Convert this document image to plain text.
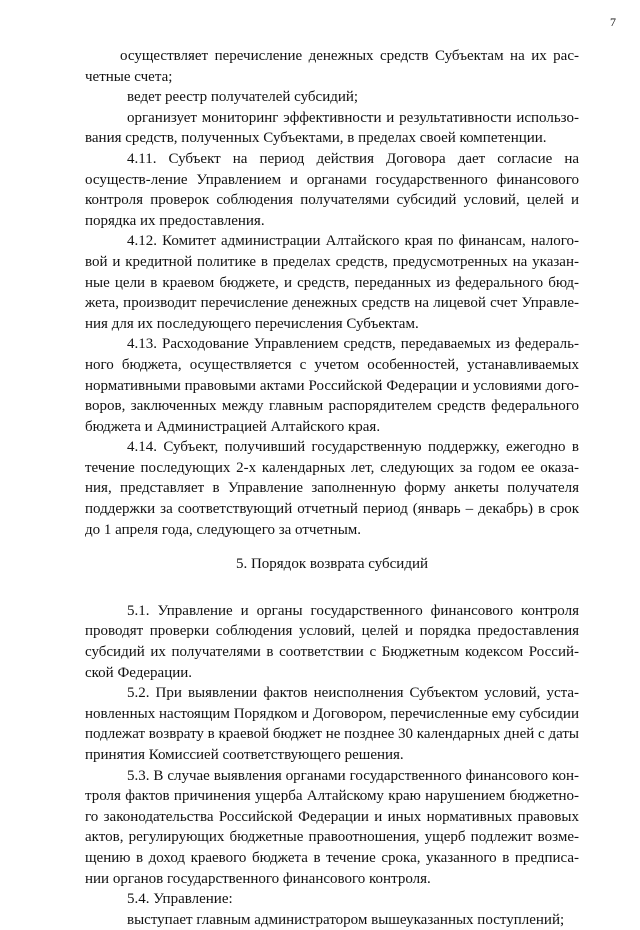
7

осуществляет перечисление денежных средств Субъектам на их рас-четные счета;

ведет реестр получателей субсидий;

организует мониторинг эффективности и результативности использо-вания средств, полученных Субъектами, в пределах своей компетенции.

4.11. Субъект на период действия Договора дает согласие на осуществ-ление Управлением и органами государственного финансового контроля проверок соблюдения получателями субсидий условий, целей и порядка их предоставления.

4.12. Комитет администрации Алтайского края по финансам, налого-вой и кредитной политике в пределах средств, предусмотренных на указан-ные цели в краевом бюджете, и средств, переданных из федерального бюд-жета, производит перечисление денежных средств на лицевой счет Управле-ния для их последующего перечисления Субъектам.

4.13. Расходование Управлением средств, передаваемых из федераль-ного бюджета, осуществляется с учетом особенностей, устанавливаемых нормативными правовыми актами Российской Федерации и условиями дого-воров, заключенных между главным распорядителем средств федерального бюджета и Администрацией Алтайского края.

4.14. Субъект, получивший государственную поддержку, ежегодно в течение последующих 2-х календарных лет, следующих за годом ее оказа-ния, представляет в Управление заполненную форму анкеты получателя поддержки за соответствующий отчетный период (январь – декабрь) в срок до 1 апреля года, следующего за отчетным.

5. Порядок возврата субсидий

5.1. Управление и органы государственного финансового контроля проводят проверки соблюдения условий, целей и порядка предоставления субсидий их получателями в соответствии с Бюджетным кодексом Россий-ской Федерации.

5.2. При выявлении фактов неисполнения Субъектом условий, уста-новленных настоящим Порядком и Договором, перечисленные ему субсидии подлежат возврату в краевой бюджет не позднее 30 календарных дней с даты принятия Комиссией соответствующего решения.

5.3. В случае выявления органами государственного финансового кон-троля фактов причинения ущерба Алтайскому краю нарушением бюджетно-го законодательства Российской Федерации и иных нормативных правовых актов, регулирующих бюджетные правоотношения, ущерб подлежит возме-щению в доход краевого бюджета в течение срока, указанного в предписа-нии органов государственного финансового контроля.

5.4. Управление:

выступает главным администратором вышеуказанных поступлений;
